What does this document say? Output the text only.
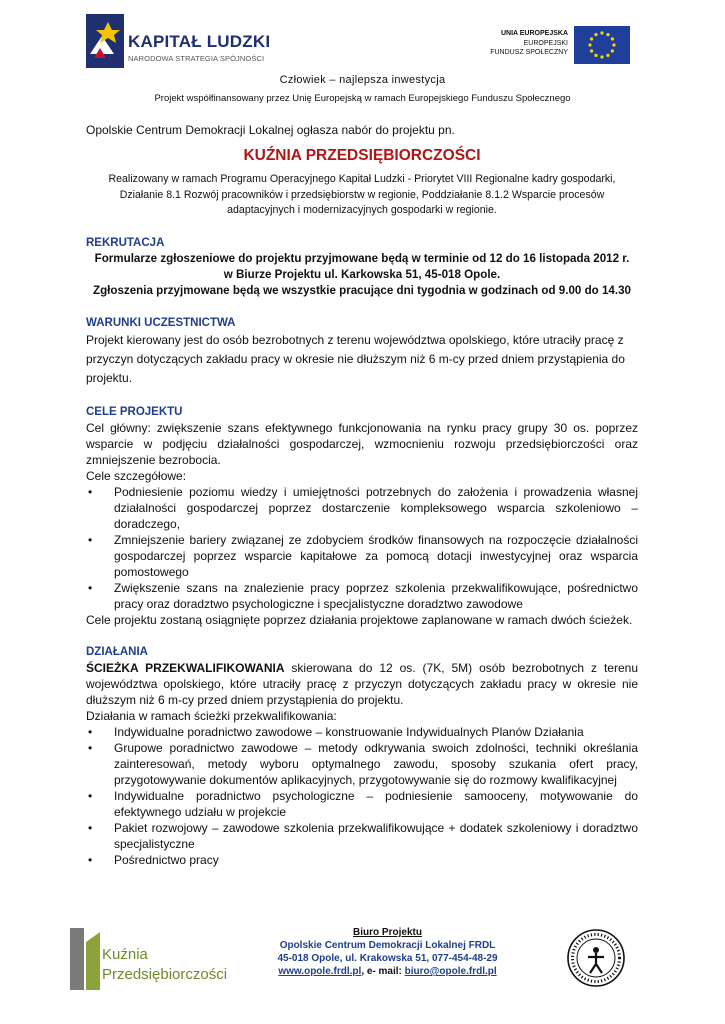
KAPITAŁ LUDZKI
NARODOWA STRATEGIA SPÓJNOŚCI
UNIA EUROPEJSKA
EUROPEJSKI
FUNDUSZ SPOŁECZNY
Człowiek – najlepsza inwestycja
Projekt współfinansowany przez Unię Europejską w ramach Europejskiego Funduszu Społecznego

Opolskie Centrum Demokracji Lokalnej ogłasza nabór do projektu pn.

KUŹNIA PRZEDSIĘBIORCZOŚCI

Realizowany w ramach Programu Operacyjnego Kapitał Ludzki - Priorytet VIII Regionalne kadry gospodarki, Działanie 8.1 Rozwój pracowników i przedsiębiorstw w regionie, Poddziałanie 8.1.2 Wsparcie procesów adaptacyjnych i modernizacyjnych gospodarki w regionie.

REKRUTACJA

Formularze zgłoszeniowe do projektu przyjmowane będą w terminie od 12 do 16 listopada 2012 r.

w Biurze Projektu ul. Karkowska 51, 45-018 Opole.

Zgłoszenia przyjmowane będą we wszystkie pracujące dni tygodnia w godzinach od 9.00 do 14.30

WARUNKI UCZESTNICTWA

Projekt kierowany jest do osób bezrobotnych z terenu województwa opolskiego, które utraciły pracę z przyczyn dotyczących zakładu pracy w okresie nie dłuższym niż 6 m-cy przed dniem przystąpienia do projektu.

CELE PROJEKTU

Cel główny: zwiększenie szans efektywnego funkcjonowania na rynku pracy grupy 30 os. poprzez wsparcie w podjęciu działalności gospodarczej, wzmocnieniu rozwoju przedsiębiorczości oraz zmniejszenie bezrobocia.

Cele szczegółowe:

• Podniesienie poziomu wiedzy i umiejętności potrzebnych do założenia i prowadzenia własnej działalności gospodarczej poprzez dostarczenie kompleksowego wsparcia szkoleniowo – doradczego,
• Zmniejszenie bariery związanej ze zdobyciem środków finansowych na rozpoczęcie działalności gospodarczej poprzez wsparcie kapitałowe za pomocą dotacji inwestycyjnej oraz wsparcia pomostowego
• Zwiększenie szans na znalezienie pracy poprzez szkolenia przekwalifikowujące, pośrednictwo pracy oraz doradztwo psychologiczne i specjalistyczne doradztwo zawodowe

Cele projektu zostaną osiągnięte poprzez działania projektowe zaplanowane w ramach dwóch ścieżek.

DZIAŁANIA

ŚCIEŻKA PRZEKWALIFIKOWANIA skierowana do 12 os. (7K, 5M) osób bezrobotnych z terenu województwa opolskiego, które utraciły pracę z przyczyn dotyczących zakładu pracy w okresie nie dłuższym niż 6 m-cy przed dniem przystąpienia do projektu.

Działania w ramach ścieżki przekwalifikowania:

• Indywidualne poradnictwo zawodowe – konstruowanie Indywidualnych Planów Działania
• Grupowe poradnictwo zawodowe – metody odkrywania swoich zdolności, techniki określania zainteresowań, metody wyboru optymalnego zawodu, sposoby szukania ofert pracy, przygotowywanie dokumentów aplikacyjnych, przygotowywanie się do rozmowy kwalifikacyjnej
• Indywidualne poradnictwo psychologiczne – podniesienie samooceny, motywowanie do efektywnego udziału w projekcie
• Pakiet rozwojowy – zawodowe szkolenia przekwalifikowujące + dodatek szkoleniowy i doradztwo specjalistyczne
• Pośrednictwo pracy
Kuźnia
Przedsiębiorczości
Biuro Projektu
Opolskie Centrum Demokracji Lokalnej FRDL
45-018 Opole, ul. Krakowska 51, 077-454-48-29
www.opole.frdl.pl, e- mail: biuro@opole.frdl.pl
